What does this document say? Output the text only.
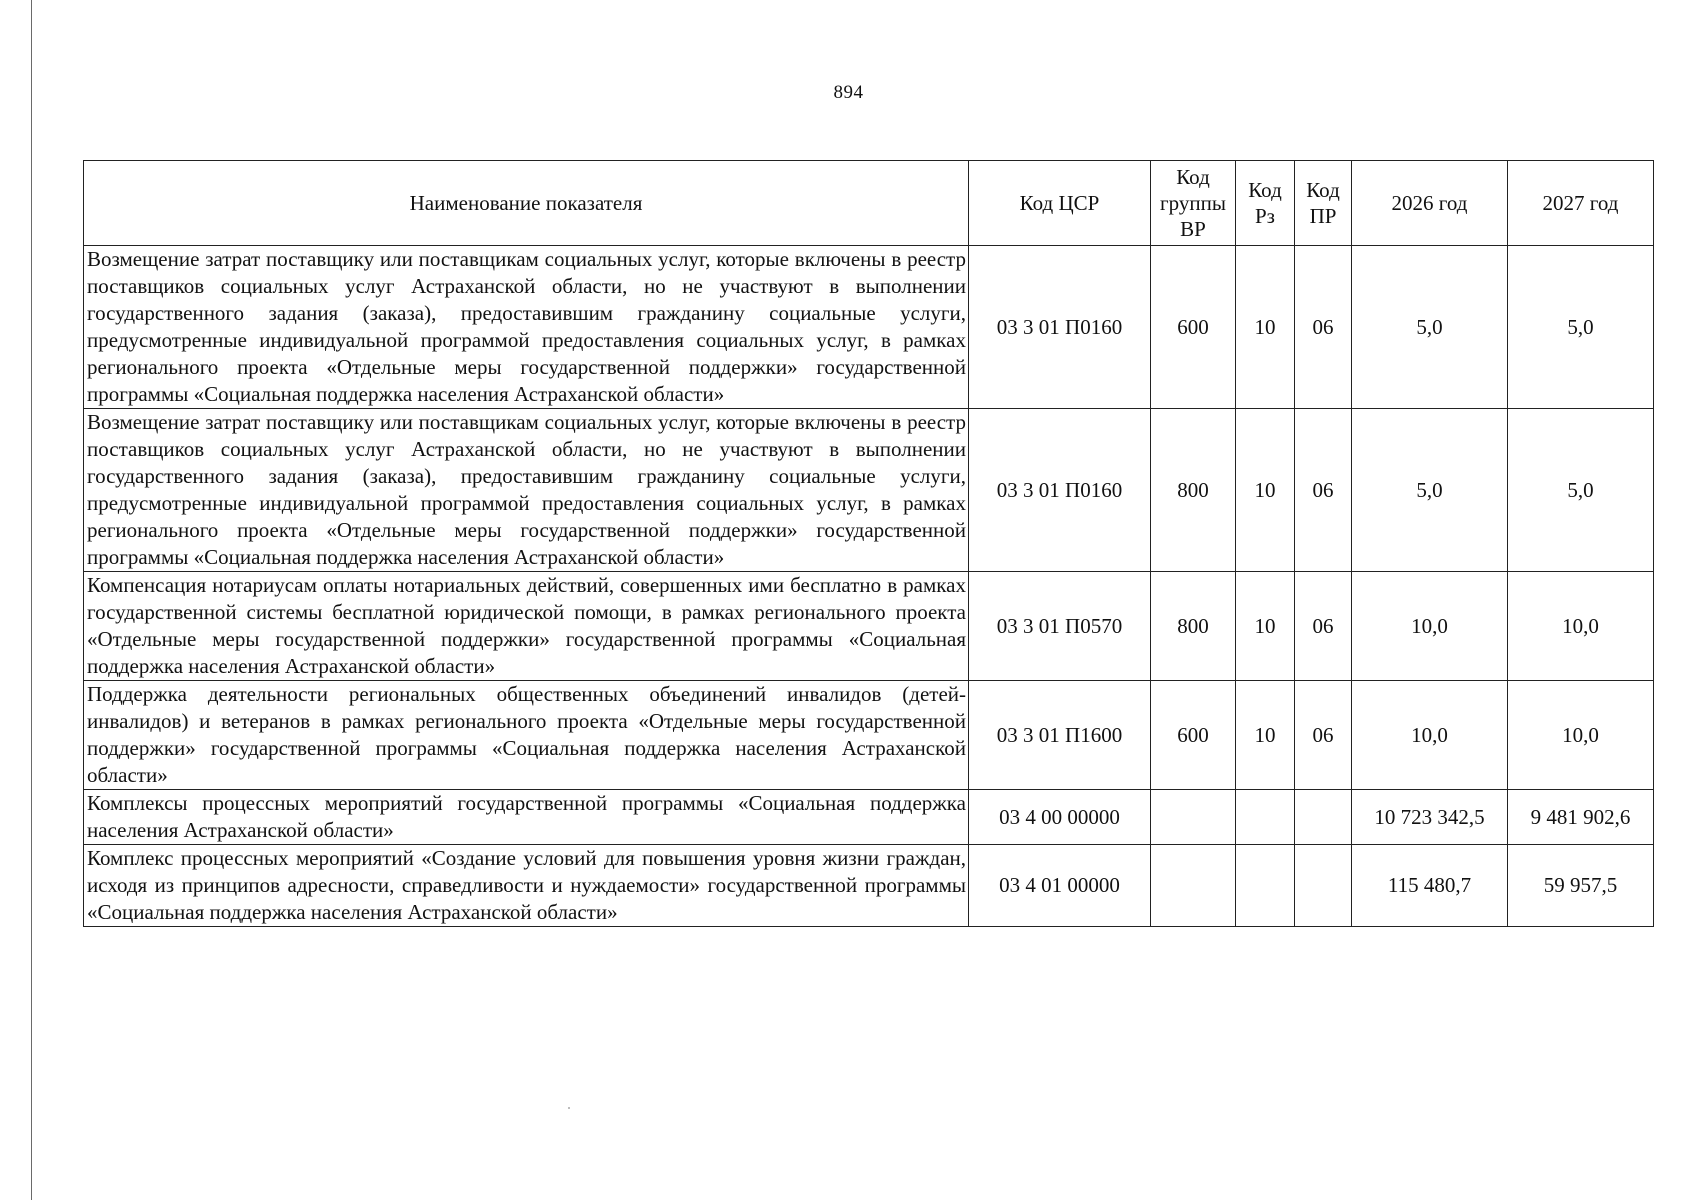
894
Наименование показателя	Код ЦСР	Код группы ВР	Код Рз	Код ПР	2026 год	2027 год
Возмещение затрат поставщику или поставщикам социальных услуг, которые включены в реестр поставщиков социальных услуг Астраханской области, но не участвуют в выполнении государственного задания (заказа), предоставившим гражданину социальные услуги, предусмотренные индивидуальной программой предоставления социальных услуг, в рамках регионального проекта «Отдельные меры государственной поддержки» государственной программы «Социальная поддержка населения Астраханской области»	03 3 01 П0160	600	10	06	5,0	5,0
Возмещение затрат поставщику или поставщикам социальных услуг, которые включены в реестр поставщиков социальных услуг Астраханской области, но не участвуют в выполнении государственного задания (заказа), предоставившим гражданину социальные услуги, предусмотренные индивидуальной программой предоставления социальных услуг, в рамках регионального проекта «Отдельные меры государственной поддержки» государственной программы «Социальная поддержка населения Астраханской области»	03 3 01 П0160	800	10	06	5,0	5,0
Компенсация нотариусам оплаты нотариальных действий, совершенных ими бесплатно в рамках государственной системы бесплатной юридической помощи, в рамках регионального проекта «Отдельные меры государственной поддержки» государственной программы «Социальная поддержка населения Астраханской области»	03 3 01 П0570	800	10	06	10,0	10,0
Поддержка деятельности региональных общественных объединений инвалидов (детей-инвалидов) и ветеранов в рамках регионального проекта «Отдельные меры государственной поддержки» государственной программы «Социальная поддержка населения Астраханской области»	03 3 01 П1600	600	10	06	10,0	10,0
Комплексы процессных мероприятий государственной программы «Социальная поддержка населения Астраханской области»	03 4 00 00000				10 723 342,5	9 481 902,6
Комплекс процессных мероприятий «Создание условий для повышения уровня жизни граждан, исходя из принципов адресности, справедливости и нуждаемости» государственной программы «Социальная поддержка населения Астраханской области»	03 4 01 00000				115 480,7	59 957,5
